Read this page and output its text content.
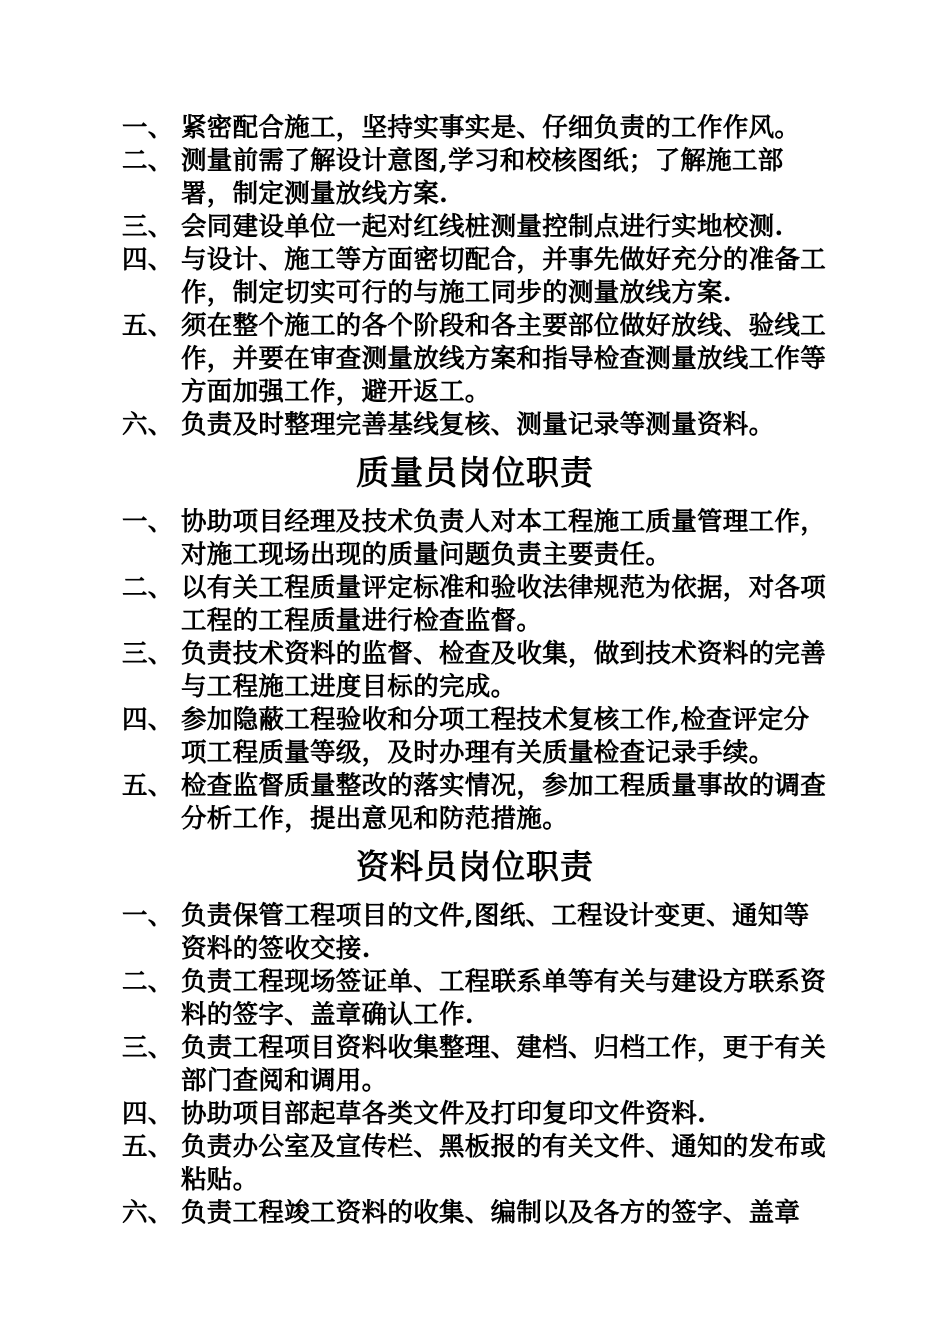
一、 紧密配合施工，坚持实事实是、仔细负责的工作作风。

二、 测量前需了解设计意图,学习和校核图纸；了解施工部署，制定测量放线方案.

三、 会同建设单位一起对红线桩测量控制点进行实地校测.

四、 与设计、施工等方面密切配合，并事先做好充分的准备工作，制定切实可行的与施工同步的测量放线方案.

五、 须在整个施工的各个阶段和各主要部位做好放线、验线工作，并要在审查测量放线方案和指导检查测量放线工作等方面加强工作，避开返工。

六、 负责及时整理完善基线复核、测量记录等测量资料。

质量员岗位职责

一、 协助项目经理及技术负责人对本工程施工质量管理工作，对施工现场出现的质量问题负责主要责任。

二、 以有关工程质量评定标准和验收法律规范为依据，对各项工程的工程质量进行检查监督。

三、 负责技术资料的监督、检查及收集，做到技术资料的完善与工程施工进度目标的完成。

四、 参加隐蔽工程验收和分项工程技术复核工作,检查评定分项工程质量等级，及时办理有关质量检查记录手续。

五、 检查监督质量整改的落实情况，参加工程质量事故的调查分析工作，提出意见和防范措施。

资料员岗位职责

一、 负责保管工程项目的文件,图纸、工程设计变更、通知等资料的签收交接.

二、 负责工程现场签证单、工程联系单等有关与建设方联系资料的签字、盖章确认工作.

三、 负责工程项目资料收集整理、建档、归档工作，更于有关部门查阅和调用。

四、 协助项目部起草各类文件及打印复印文件资料.

五、 负责办公室及宣传栏、黑板报的有关文件、通知的发布或粘贴。

六、 负责工程竣工资料的收集、编制以及各方的签字、盖章
